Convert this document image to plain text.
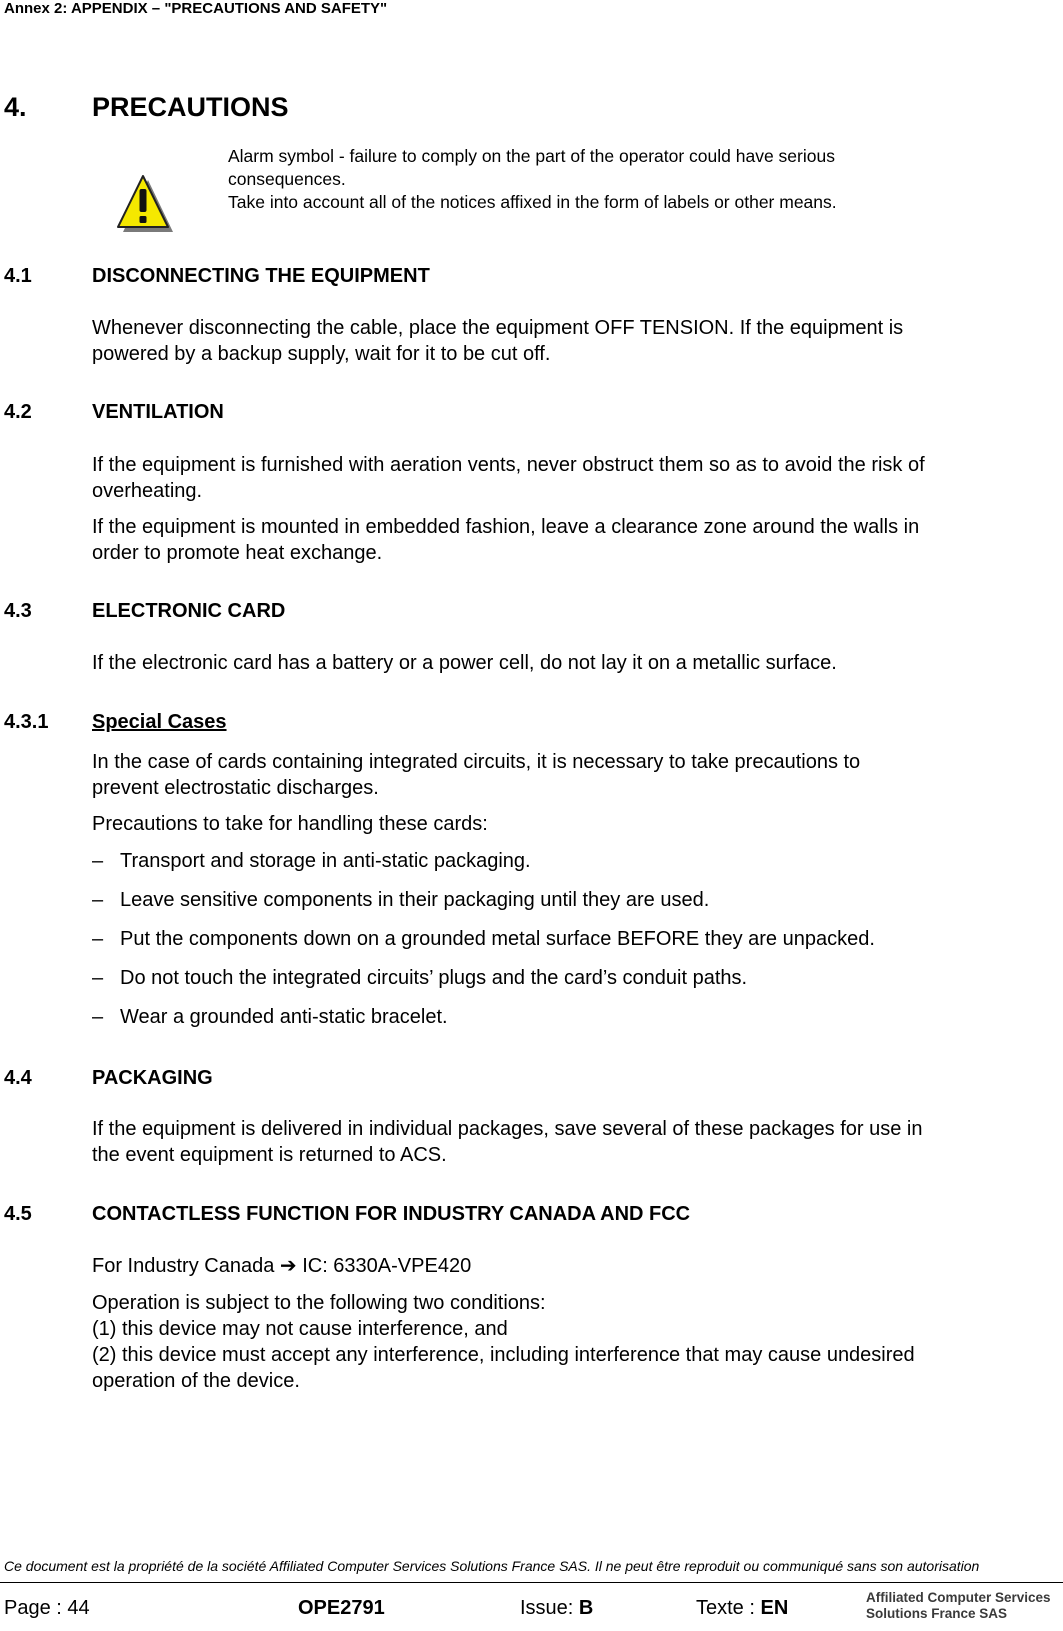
Annex 2: APPENDIX – "PRECAUTIONS AND SAFETY"
4. PRECAUTIONS
Alarm symbol - failure to comply on the part of the operator could have serious
consequences.
Take into account all of the notices affixed in the form of labels or other means.
4.1	DISCONNECTING THE EQUIPMENT
Whenever disconnecting the cable, place the equipment OFF TENSION. If the equipment is
powered by a backup supply, wait for it to be cut off.
4.2	VENTILATION
If the equipment is furnished with aeration vents, never obstruct them so as to avoid the risk of
overheating.
If the equipment is mounted in embedded fashion, leave a clearance zone around the walls in
order to promote heat exchange.
4.3	ELECTRONIC CARD
If the electronic card has a battery or a power cell, do not lay it on a metallic surface.
4.3.1 Special Cases
In the case of cards containing integrated circuits, it is necessary to take precautions to
prevent electrostatic discharges.
Precautions to take for handling these cards:
– Transport and storage in anti-static packaging.
– Leave sensitive components in their packaging until they are used.
– Put the components down on a grounded metal surface BEFORE they are unpacked.
– Do not touch the integrated circuits’ plugs and the card’s conduit paths.
– Wear a grounded anti-static bracelet.
4.4	PACKAGING
If the equipment is delivered in individual packages, save several of these packages for use in
the event equipment is returned to ACS.
4.5	CONTACTLESS FUNCTION FOR INDUSTRY CANADA AND FCC
For Industry Canada ➔ IC: 6330A-VPE420
Operation is subject to the following two conditions:
(1) this device may not cause interference, and
(2) this device must accept any interference, including interference that may cause undesired
operation of the device.
Ce document est la propriété de la société Affiliated Computer Services Solutions France SAS. Il ne peut être reproduit ou communiqué sans son autorisation
Page : 44	OPE2791	Issue: B	Texte : EN	Affiliated Computer Services
Solutions France SAS
